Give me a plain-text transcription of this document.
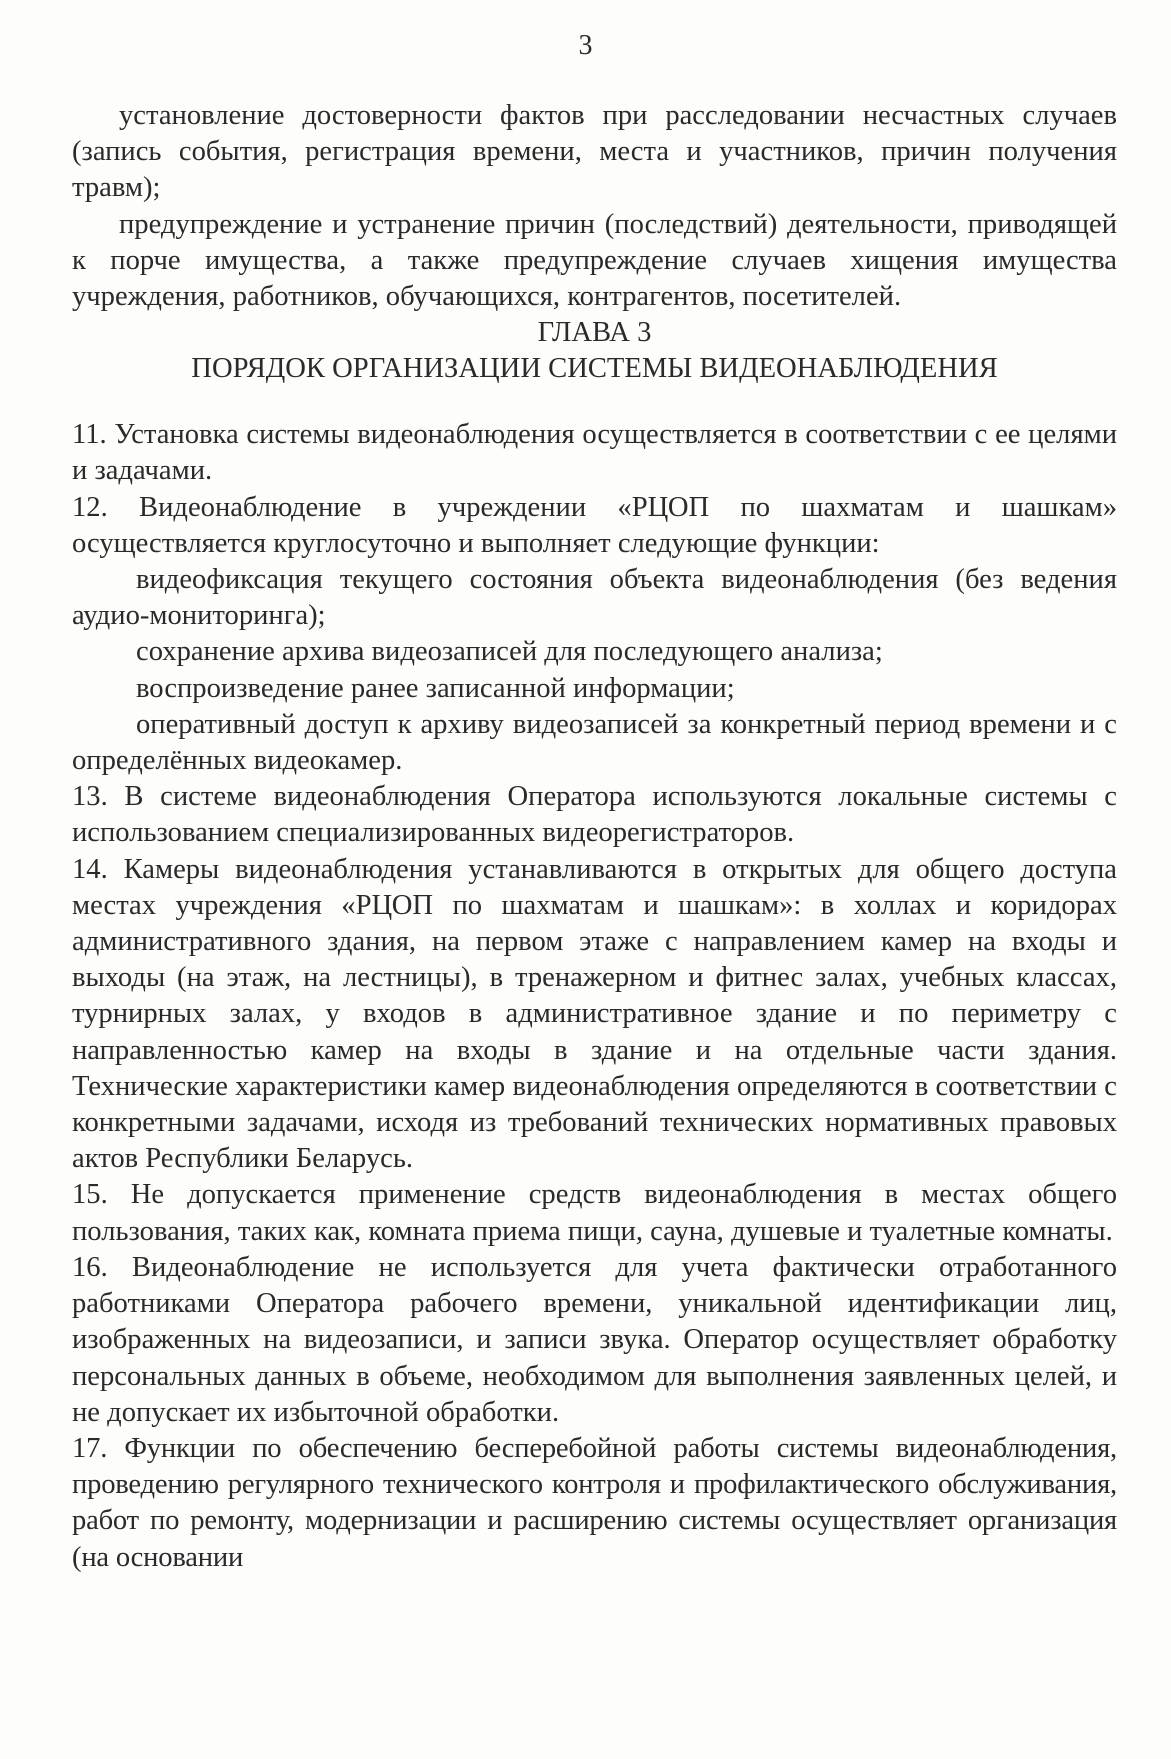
3

установление достоверности фактов при расследовании несчастных случаев (запись события, регистрация времени, места и участников, причин получения травм);

предупреждение и устранение причин (последствий) деятельности, приводящей к порче имущества, а также предупреждение случаев хищения имущества учреждения, работников, обучающихся, контрагентов, посетителей.

ГЛАВА 3
ПОРЯДОК ОРГАНИЗАЦИИ СИСТЕМЫ ВИДЕОНАБЛЮДЕНИЯ

11. Установка системы видеонаблюдения осуществляется в соответствии с ее целями и задачами.

12. Видеонаблюдение в учреждении «РЦОП по шахматам и шашкам» осуществляется круглосуточно и выполняет следующие функции:

видеофиксация текущего состояния объекта видеонаблюдения (без ведения аудио-мониторинга);

сохранение архива видеозаписей для последующего анализа;

воспроизведение ранее записанной информации;

оперативный доступ к архиву видеозаписей за конкретный период времени и с определённых видеокамер.

13. В системе видеонаблюдения Оператора используются локальные системы с использованием специализированных видеорегистраторов.

14. Камеры видеонаблюдения устанавливаются в открытых для общего доступа местах учреждения «РЦОП по шахматам и шашкам»: в холлах и коридорах административного здания, на первом этаже с направлением камер на входы и выходы (на этаж, на лестницы), в тренажерном и фитнес залах, учебных классах, турнирных залах, у входов в административное здание и по периметру с направленностью камер на входы в здание и на отдельные части здания. Технические характеристики камер видеонаблюдения определяются в соответствии с конкретными задачами, исходя из требований технических нормативных правовых актов Республики Беларусь.

15. Не допускается применение средств видеонаблюдения в местах общего пользования, таких как, комната приема пищи, сауна, душевые и туалетные комнаты.

16. Видеонаблюдение не используется для учета фактически отработанного работниками Оператора рабочего времени, уникальной идентификации лиц, изображенных на видеозаписи, и записи звука. Оператор осуществляет обработку персональных данных в объеме, необходимом для выполнения заявленных целей, и не допускает их избыточной обработки.

17. Функции по обеспечению бесперебойной работы системы видеонаблюдения, проведению регулярного технического контроля и профилактического обслуживания, работ по ремонту, модернизации и расширению системы осуществляет организация (на основании
